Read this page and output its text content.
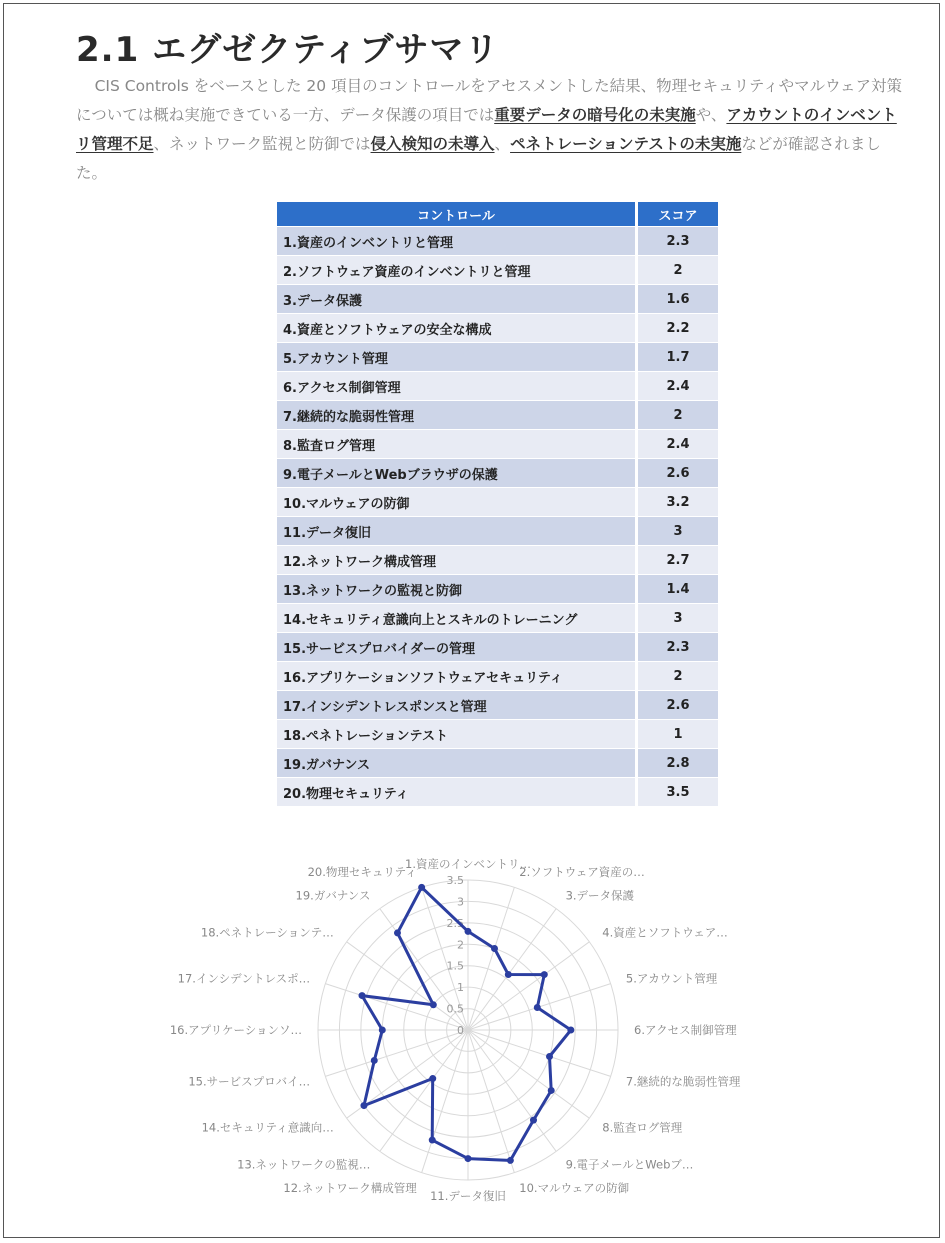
2.1 エグゼクティブサマリ

CIS Controls をベースとした 20 項目のコントロールをアセスメントした結果、物理セキュリティやマルウェア対策については概ね実施できている一方、データ保護の項目では重要データの暗号化の未実施や、アカウントのインベントリ管理不足、ネットワーク監視と防御では侵入検知の未導入、ペネトレーションテストの未実施などが確認されました。

コントロール	スコア
1.資産のインベントリと管理	2.3
2.ソフトウェア資産のインベントリと管理	2
3.データ保護	1.6
4.資産とソフトウェアの安全な構成	2.2
5.アカウント管理	1.7
6.アクセス制御管理	2.4
7.継続的な脆弱性管理	2
8.監査ログ管理	2.4
9.電子メールとWebブラウザの保護	2.6
10.マルウェアの防御	3.2
11.データ復旧	3
12.ネットワーク構成管理	2.7
13.ネットワークの監視と防御	1.4
14.セキュリティ意識向上とスキルのトレーニング	3
15.サービスプロバイダーの管理	2.3
16.アプリケーションソフトウェアセキュリティ	2
17.インシデントレスポンスと管理	2.6
18.ペネトレーションテスト	1
19.ガバナンス	2.8
20.物理セキュリティ	3.5
0
0.5
1
1.5
2
2.5
3
3.5
1.資産のインベントリ…
2.ソフトウェア資産の…
3.データ保護
4.資産とソフトウェア…
5.アカウント管理
6.アクセス制御管理
7.継続的な脆弱性管理
8.監査ログ管理
9.電子メールとWebブ…
10.マルウェアの防御
11.データ復旧
12.ネットワーク構成管理
13.ネットワークの監視…
14.セキュリティ意識向…
15.サービスプロバイ…
16.アプリケーションソ…
17.インシデントレスポ…
18.ペネトレーションテ…
19.ガバナンス
20.物理セキュリティ
